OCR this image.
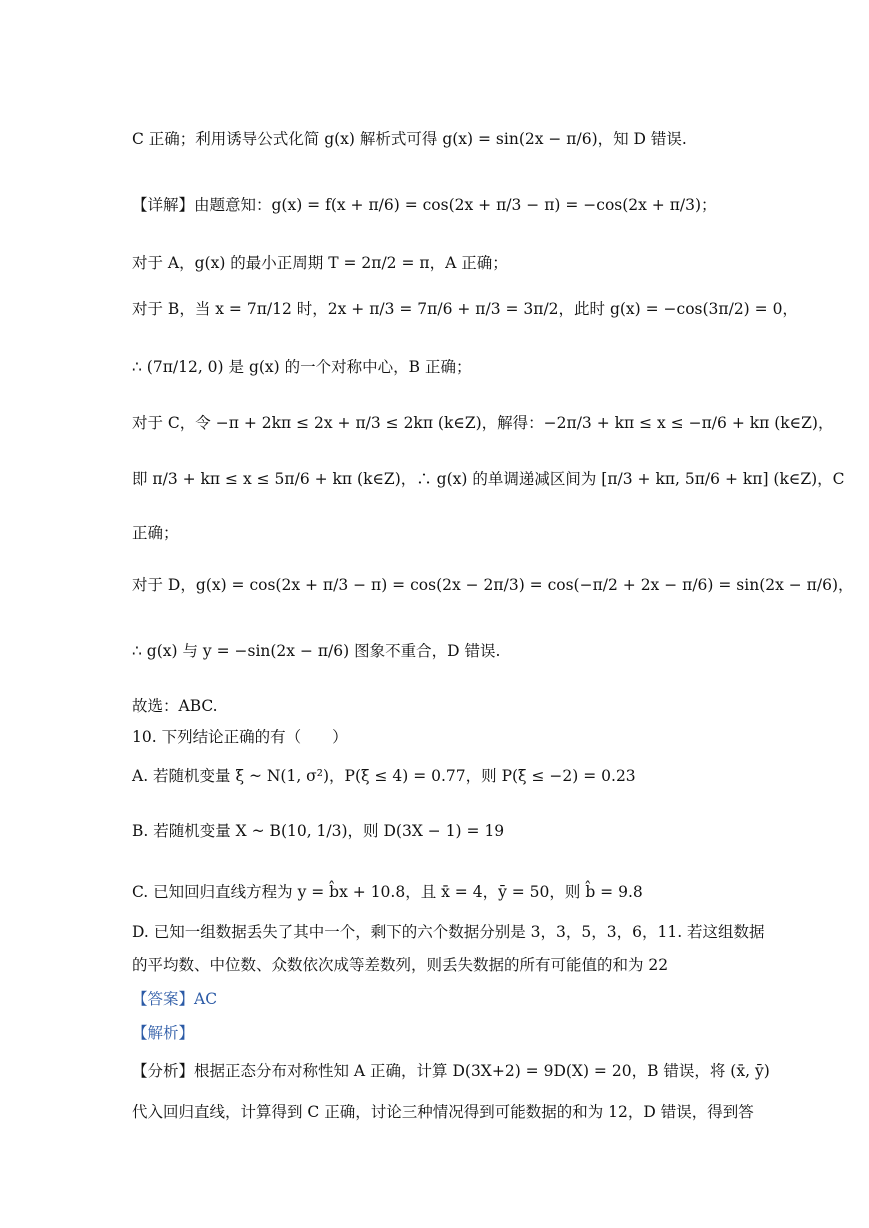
C 正确；利用诱导公式化简 g(x) 解析式可得 g(x) = sin(2x − π/6)，知 D 错误.
【详解】由题意知：g(x) = f(x + π/6) = cos(2x + π/3 − π) = −cos(2x + π/3)；
对于 A，g(x) 的最小正周期 T = 2π/2 = π，A 正确；
对于 B，当 x = 7π/12 时，2x + π/3 = 7π/6 + π/3 = 3π/2，此时 g(x) = −cos(3π/2) = 0，
∴ (7π/12, 0) 是 g(x) 的一个对称中心，B 正确；
对于 C，令 −π + 2kπ ≤ 2x + π/3 ≤ 2kπ (k∈Z)，解得：−2π/3 + kπ ≤ x ≤ −π/6 + kπ (k∈Z)，
即 π/3 + kπ ≤ x ≤ 5π/6 + kπ (k∈Z)，∴ g(x) 的单调递减区间为 [π/3 + kπ, 5π/6 + kπ] (k∈Z)，C
正确；
对于 D，g(x) = cos(2x + π/3 − π) = cos(2x − 2π/3) = cos(−π/2 + 2x − π/6) = sin(2x − π/6)，
∴ g(x) 与 y = −sin(2x − π/6) 图象不重合，D 错误.
故选：ABC.
10. 下列结论正确的有（　　）
A. 若随机变量 ξ ~ N(1, σ²)，P(ξ ≤ 4) = 0.77，则 P(ξ ≤ −2) = 0.23
B. 若随机变量 X ~ B(10, 1/3)，则 D(3X − 1) = 19
C. 已知回归直线方程为 y = b̂x + 10.8，且 x̄ = 4，ȳ = 50，则 b̂ = 9.8
D. 已知一组数据丢失了其中一个，剩下的六个数据分别是 3，3，5，3，6，11. 若这组数据
的平均数、中位数、众数依次成等差数列，则丢失数据的所有可能值的和为 22
【答案】AC
【解析】
【分析】根据正态分布对称性知 A 正确，计算 D(3X+2) = 9D(X) = 20，B 错误，将 (x̄, ȳ)
代入回归直线，计算得到 C 正确，讨论三种情况得到可能数据的和为 12，D 错误，得到答
